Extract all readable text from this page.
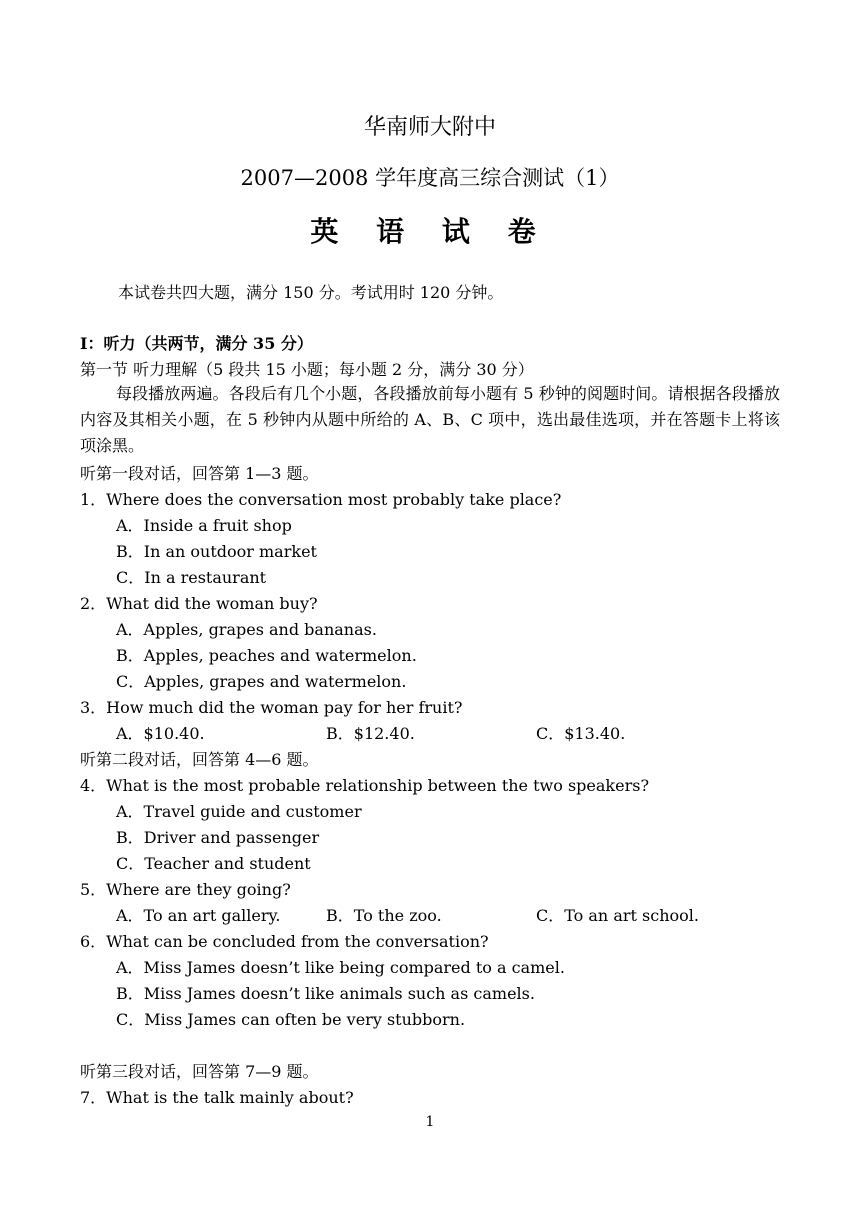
华南师大附中
2007—2008 学年度高三综合测试（1）
英 语 试 卷
本试卷共四大题，满分 150 分。考试用时 120 分钟。
I：听力（共两节，满分 35 分）
第一节 听力理解（5 段共 15 小题；每小题 2 分，满分 30 分）
每段播放两遍。各段后有几个小题，各段播放前每小题有 5 秒钟的阅题时间。请根据各段播放内容及其相关小题，在 5 秒钟内从题中所给的 A、B、C 项中，选出最佳选项，并在答题卡上将该项涂黑。
听第一段对话，回答第 1—3 题。
1．Where does the conversation most probably take place?
A．Inside a fruit shop
B．In an outdoor market
C．In a restaurant
2．What did the woman buy?
A．Apples, grapes and bananas.
B．Apples, peaches and watermelon.
C．Apples, grapes and watermelon.
3．How much did the woman pay for her fruit?
A．$10.40.	B．$12.40.	C．$13.40.
听第二段对话，回答第 4—6 题。
4．What is the most probable relationship between the two speakers?
A．Travel guide and customer
B．Driver and passenger
C．Teacher and student
5．Where are they going?
A．To an art gallery.	B．To the zoo.	C．To an art school.
6．What can be concluded from the conversation?
A．Miss James doesn’t like being compared to a camel.
B．Miss James doesn’t like animals such as camels.
C．Miss James can often be very stubborn.
听第三段对话，回答第 7—9 题。
7．What is the talk mainly about?
1
